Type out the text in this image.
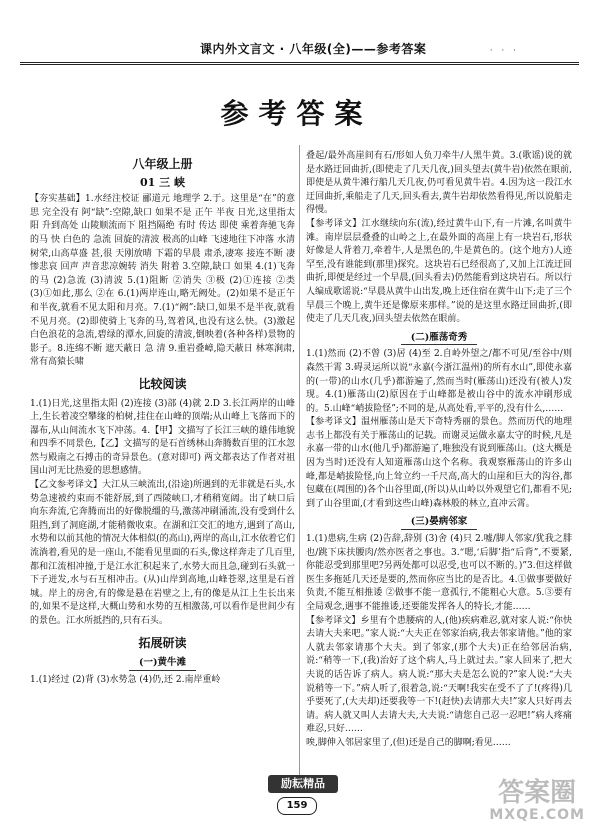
课内外文言文 · 八年级(全)——参考答案	· · ·
参考答案
八年级上册
01 三 峡

【夯实基础】1.水经注校证 郦道元 地理学 2.于。这里是“在”的意思 完全没有 阿“缺”:空隙,缺口 如果不是 正午 半夜 日光,这里指太阳 升到高处 山陵顺流而下 阻挡隔绝 有时 传达 即使 乘着奔驰飞奔的马 快 白色的 急流 回旋的清波 极高的山峰 飞速地往下冲落 水清树荣,山高草盛 甚,很 天刚放晴 下霜的早晨 肃杀,凄寒 接连不断 凄惨悲哀 回声 声音悲凉婉转 消失 附着 3.空隙,缺口 如果 4.(1)飞奔的马 (2)急流 (3)清波 5.(1)阻断 ②消失 ③极 (2)①连接 ②类 (3)①如此,那么 ②在 6.(1)两岸连山,略无阙处。(2)如果不是正午和半夜,就看不见太阳和月亮。7.(1)“阙”:缺口,如果不是半夜,就看不见月亮。(2)即使骑上飞奔的马,驾着风,也没有这么快。(3)激起白色浪花的急流,碧绿的潭水,回旋的清波,倒映着(各种各样)景物的影子。8.连绵不断 遮天蔽日 急 清 9.重岩叠嶂,隐天蔽日 林寒涧肃,常有高猿长啸

比较阅读

1.(1)日光,这里指太阳 (2)连接 (3)部 (4)就 2.D 3.长江两岸的山峰上,生长着凌空攀缘的柏树,挂住在山峰的顶端;从山峰上飞落而下的瀑布,从山间流水飞下冲荡。4.【甲】文描写了长江三峡的雄伟地貌和四季不同景色,【乙】文描写的是石首绣林山奔腾数百里的江水忽然与殿南之石搏击的奇异景色。(意对即可) 两文都表达了作者对祖国山河无比热爱的思想感情。

【乙文参考译文】大江从三峡流出,(沿途)所遇到的无非就是石头,水势急速被约束而不能舒展,到了西陵峡口,才稍稍宽阔。出了峡口后向东奔流,它奔腾而出的好像脱缰的马,激荡冲刷涌流,没有受到什么阻挡,到了洞庭湖,才能稍微收束。在湖和江交汇的地方,遇到了高山,水势和以前其他的情况大体相似(的高山),两岸的高山,江水依着它们流淌着,看见的是一座山,不能看见里面的石头,像这样奔走了几百里,都和江流相冲撞,于是江水汇积起来了,水势大而且急,碰到石头就一下子迸发,水与石互相冲击。(从)山岸到高地,山峰苍翠,这里是石首城。岸上的房舍,有的像是悬在岩壁之上,有的像是从江上生长出来的,如果不是这样,大概山势和水势的互相激荡,可以看作是世间少有的景色。江水所抵挡的,只有石头。

拓展研读
(一)黄牛滩

1.(1)经过 (2)背 (3)水势急 (4)仍,还 2.南岸重岭

叠起/最外高崖间有石/形如人负刀牵牛/人黑牛黄。3.(歌谣)说的就是水路迂回曲折,(即使走了几天几夜,)回头望去(黄牛岩)依然在眼前,即使是从黄牛滩行船几天几夜,仍可看见黄牛岩。4.因为这一段江水迂回曲折,乘船走了几天,回头看去,黄牛岩却依然看得见,所以说船走得慢。

【参考译文】江水继续向东(流),经过黄牛山下,有一片滩,名叫黄牛滩。南岸层层叠叠的山岭之上,在最外面的高崖上有一块岩石,形状好像是人背着刀,牵着牛,人是黑色的,牛是黄色的。(这个地方)人迹罕至,没有谁能到(那里)探究。这块岩石已经很高了,又加上江流迂回曲折,即便是经过一个早晨,(回头看去)仍然能看到这块岩石。所以行人编成歌谣说:“早晨从黄牛山出发,晚上还住宿在黄牛山下;走了三个早晨三个晚上,黄牛还是像原来那样。”说的是这里水路迂回曲折,(即使走了几天几夜,)回头望去依然在眼前。

(二)雁荡奇秀

1.(1)然而 (2)不曾 (3)居 (4)至 2.自岭外望之/都不可见/至谷中/则森然干霄 3.碍灵运所以说“永嘉(今浙江温州)的所有水山”,即使永嘉的(一带)的山水(几乎)都游遍了,然而当时(雁荡山)还没有(被人)发现。4.(1)雁荡山(2)原因在于山峰都是被山谷中的流水冲刷形成的。5.山峰“峭拔险怪”;不同的是,从高处看,平平的,没有什么,……

【参考译文】温州雁荡山是天下奇特秀丽的景色。然而历代的地理志书上都没有关于雁荡山的记载。而谢灵运做永嘉太守的时候,凡是永嘉一带的山水(他几乎)都游遍了,唯独没有说到雁荡山。(这大概是因为当时)还没有人知道雁荡山这个名称。我观察雁荡山的许多山峰,都是峭拔险怪,向上耸立约一千尺高,高大的山崖和巨大的沟谷,都包藏在(周围的)各个山谷里面,(所以)从山岭以外观望它们,都看不见;到了山谷里面,(才看到这些山峰)森林般的林立,直冲云霄。

(三)晏病邻家

1.(1)患病,生病 (2)告辞,辞别 (3)舍 (4)只 2.嘘/脚人邻家/犹我之腓也/跳下床扶腰肉/然亦医者之事也。3.“嗯,‘后脚’指“后背”,不要紧,你能忍受到那里吧?另两处都可以忍受,也可以不断的。)”3.但这样做医生多拖延几天还是要的,然而你应当比的是否比。4.①做事要做好负责,不能互相推诿 ②做事不能一意孤行,不能粗心大意。5.③要有全局观念,遇事不能推诿,还要能发挥各人的特长,才能……

【参考译文】乡里有个患腰病的人,(他)疾病难忍,就对家人说:“你快去请大夫来吧。”家人说:“大夫正在邻家治病,我去邻家请他。”他的家人就去邻家请那个大夫。到了邻家,(那个大夫)正在给邻居治病,说:“稍等一下,(我)治好了这个病人,马上就过去。”家人回来了,把大夫说的话告诉了病人。病人说:“那大夫是怎么说的?”家人说:“大夫说稍等一下。”病人听了,很着急,说:“天啊!我实在受不了了!(疼得)几乎要死了,(大夫却)还要我等一下!(赶快)去请那大夫!”家人只好再去请。病人就又叫人去请大夫,大夫说:“请您自己忍一忍吧!”病人疼痛难忍,只好……

唉,脚伸入邻居家里了,(但)还是自己的脚啊;看见……

励耘精品
159	答案圈
MXQE.COM
